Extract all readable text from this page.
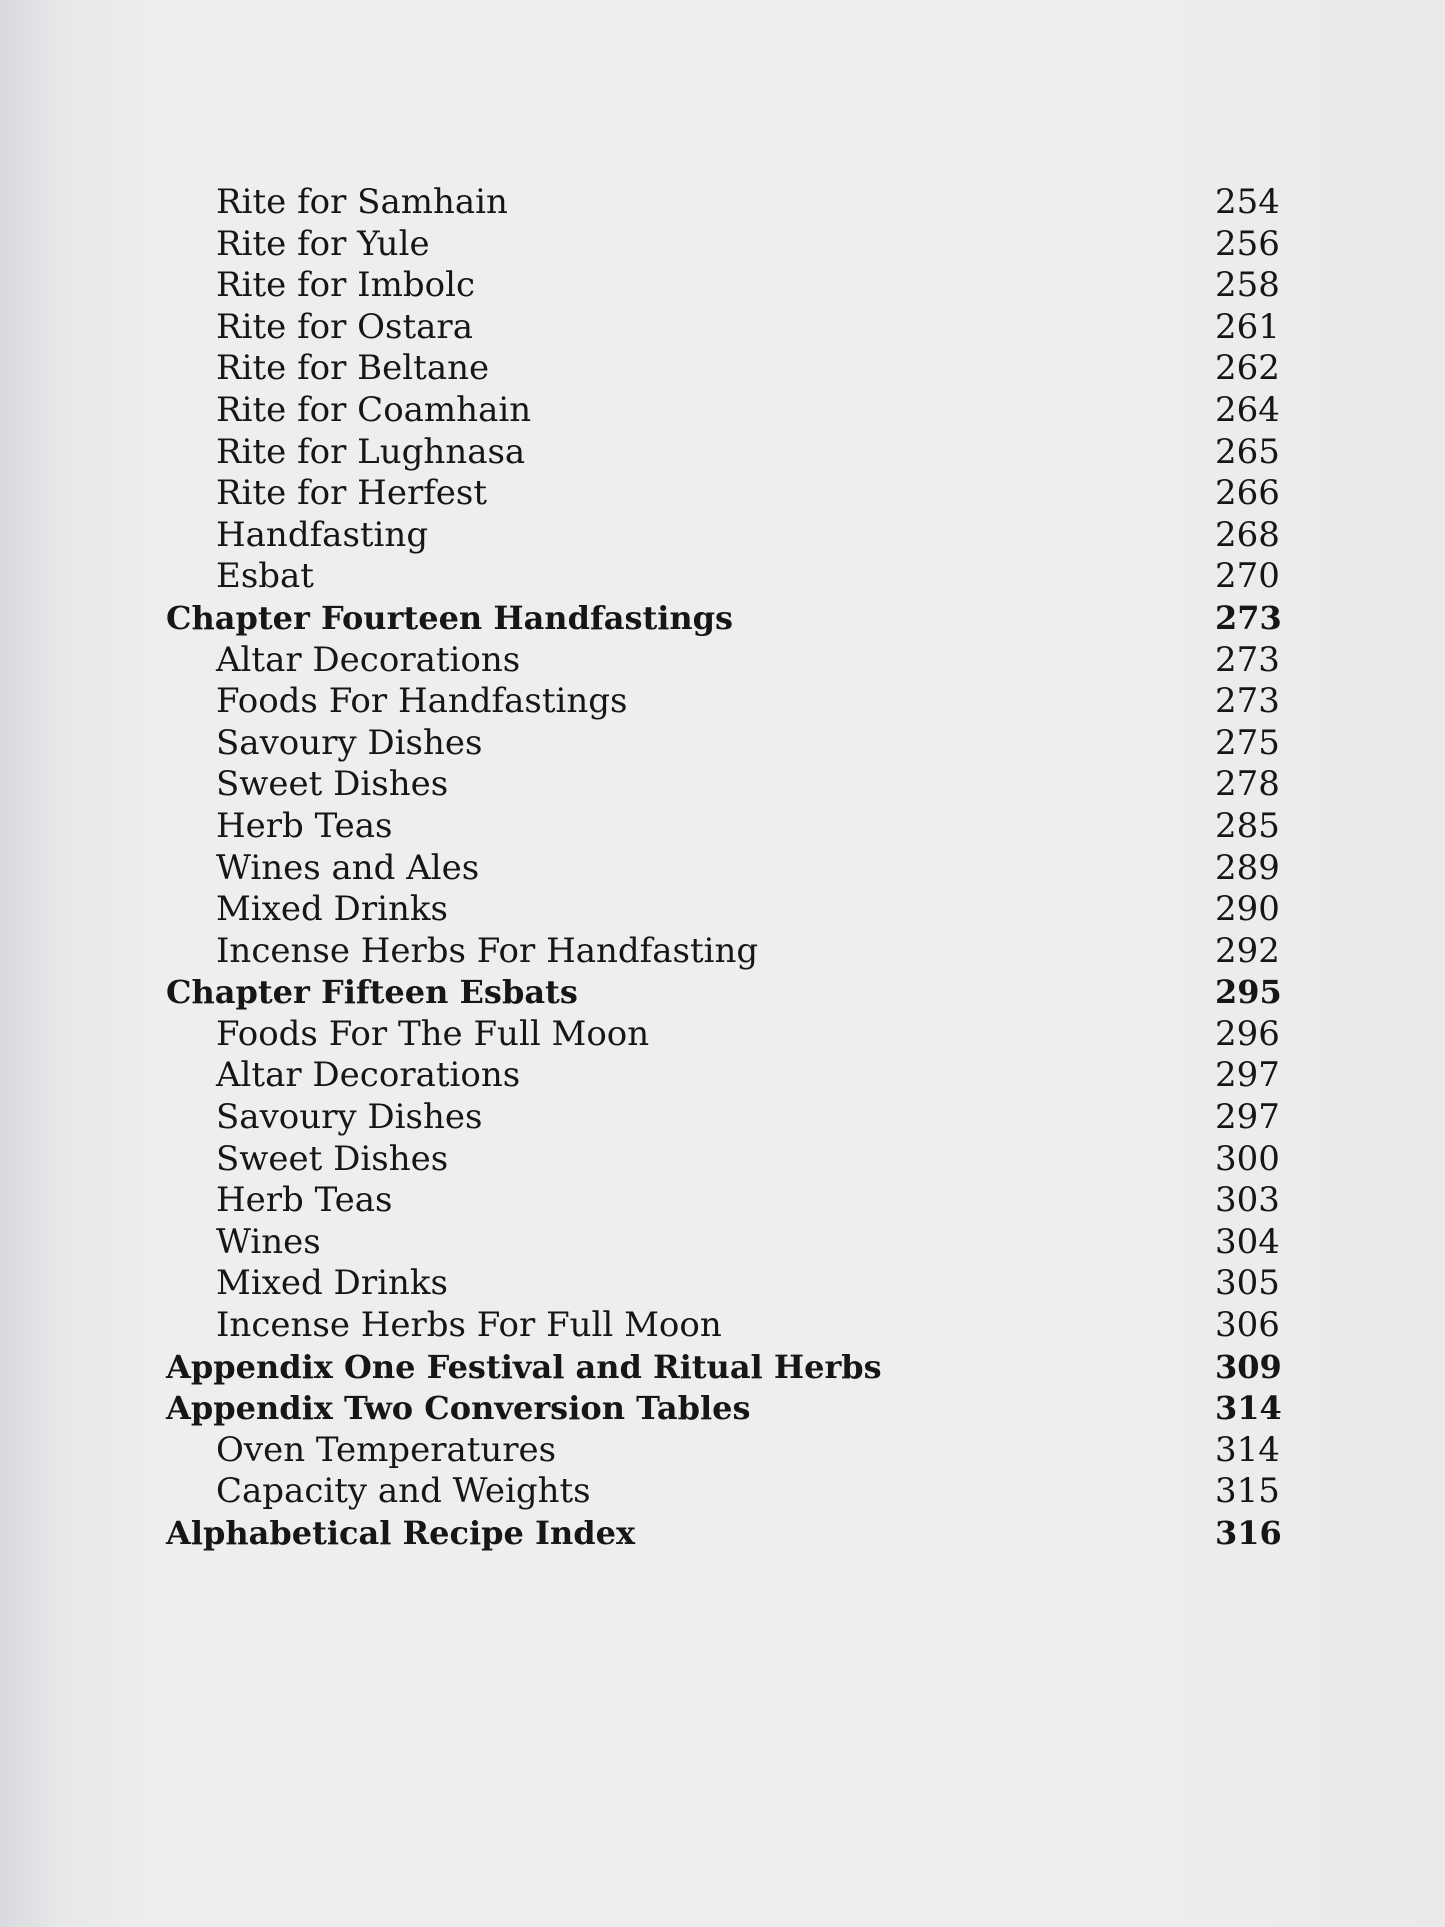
Rite for Samhain	254
Rite for Yule	256
Rite for Imbolc	258
Rite for Ostara	261
Rite for Beltane	262
Rite for Coamhain	264
Rite for Lughnasa	265
Rite for Herfest	266
Handfasting	268
Esbat	270
Chapter Fourteen Handfastings	273
Altar Decorations	273
Foods For Handfastings	273
Savoury Dishes	275
Sweet Dishes	278
Herb Teas	285
Wines and Ales	289
Mixed Drinks	290
Incense Herbs For Handfasting	292
Chapter Fifteen Esbats	295
Foods For The Full Moon	296
Altar Decorations	297
Savoury Dishes	297
Sweet Dishes	300
Herb Teas	303
Wines	304
Mixed Drinks	305
Incense Herbs For Full Moon	306
Appendix One Festival and Ritual Herbs	309
Appendix Two Conversion Tables	314
Oven Temperatures	314
Capacity and Weights	315
Alphabetical Recipe Index	316
